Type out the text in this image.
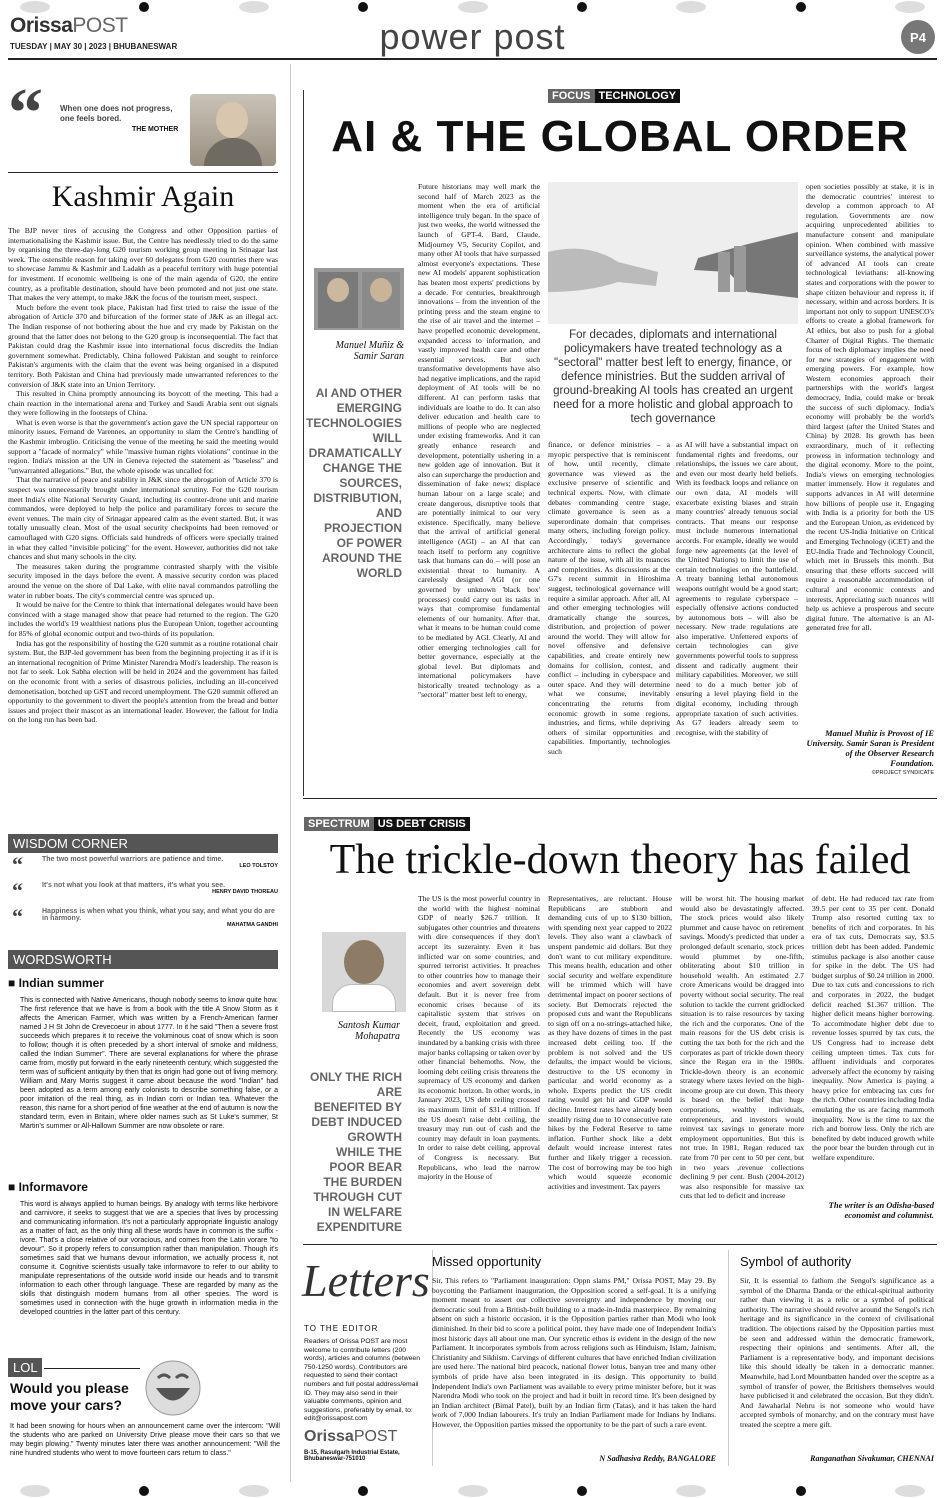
OrissaPOST
TUESDAY | MAY 30 | 2023 | BHUBANESWAR	power post	P4
“	When one does not progress, one feels bored.
THE MOTHER
Kashmir Again

The BJP never tires of accusing the Congress and other Opposition parties of internationalising the Kashmir issue. But, the Centre has needlessly tried to do the same by organising the three-day-long G20 tourism working group meeting in Srinagar last week. The ostensible reason for taking over 60 delegates from G20 countries there was to showcase Jammu & Kashmir and Ladakh as a peaceful territory with huge potential for investment. If economic wellbeing is one of the main agenda of G20, the entire country, as a profitable destination, should have been promoted and not just one state. That makes the very attempt, to make J&K the focus of the tourism meet, suspect.

Much before the event took place, Pakistan had first tried to raise the issue of the abrogation of Article 370 and bifurcation of the former state of J&K as an illegal act. The Indian response of not bothering about the hue and cry made by Pakistan on the ground that the latter does not belong to the G20 group is inconsequential. The fact that Pakistan could drag the Kashmir issue into international focus discredits the Indian government somewhat. Predictably, China followed Pakistan and sought to reinforce Pakistan's arguments with the claim that the event was being organised in a disputed territory. Both Pakistan and China had previously made unwarranted references to the conversion of J&K state into an Union Territory.

This resulted in China promptly announcing its boycott of the meeting. This had a chain reaction in the international arena and Turkey and Saudi Arabia sent out signals they were following in the footsteps of China.

What is even worse is that the government's action gave the UN special rapporteur on minority issues, Fernand de Varennes, an opportunity to slam the Centre's handling of the Kashmir imbroglio. Criticising the venue of the meeting he said the meeting would support a "facade of normalcy" while "massive human rights violations" continue in the region. India's mission at the UN in Geneva rejected the statement as "baseless" and "unwarranted allegations." But, the whole episode was uncalled for.

That the narrative of peace and stability in J&K since the abrogation of Article 370 is suspect was unnecessarily brought under international scrutiny. For the G20 tourism meet India's elite National Security Guard, including its counter-drone unit and marine commandos, were deployed to help the police and paramilitary forces to secure the event venues. The main city of Srinagar appeared calm as the event started. But, it was totally unusually clean. Most of the usual security checkpoints had been removed or camouflaged with G20 signs. Officials said hundreds of officers were specially trained in what they called "invisible policing" for the event. However, authorities did not take chances and shut many schools in the city.

The measures taken during the programme contrasted sharply with the visible security imposed in the days before the event. A massive security cordon was placed around the venue on the shore of Dal Lake, with elite naval commandos patrolling the water in rubber boats. The city's commercial centre was spruced up.

It would be naive for the Centre to think that international delegates would have been convinced with a stage managed show that peace had returned to the region. The G20 includes the world's 19 wealthiest nations plus the European Union, together accounting for 85% of global economic output and two-thirds of its population.

India has got the responsibility of hosting the G20 summit as a routine rotational chair system. But, the BJP-led government has been from the beginning projecting it as if it is an international recognition of Prime Minister Narendra Modi's leadership. The reason is not far to seek. Lok Sabha election will be held in 2024 and the government has failed on the economic front with a series of disastrous policies, including an ill-conceived demonetisation, botched up GST and record unemployment. The G20 summit offered an opportunity to the government to divert the people's attention from the bread and butter issues and project their mascot as an international leader. However, the fallout for India on the long run has been bad.

WISDOM CORNER
“	The two most powerful warriors are patience and time.
LEO TOLSTOY
“	It's not what you look at that matters, it's what you see.
HENRY DAVID THOREAU
“	Happiness is when what you think, what you say, and what you do are in harmony.
MAHATMA GANDHI
WORDSWORTH
■ Indian summer
This is connected with Native Americans, though nobody seems to know quite how. The first reference that we have is from a book with the title A Snow Storm as it affects the American Farmer, which was written by a French-American farmer named J H St John de Crevecoeur in about 1777. In it he said "Then a severe frost succeeds which prepares it to receive the voluminous coat of snow which is soon to follow; though it is often preceded by a short interval of smoke and mildness, called the Indian Summer". There are several explanations for where the phrase came from, mostly put forward in the early nineteenth century, which suggested the term was of sufficient antiquity by then that its origin had gone out of living memory. William and Mary Morris suggest it came about because the word "Indian" had been adopted as a term among early colonists to describe something false, or a poor imitation of the real thing, as in Indian corn or Indian tea. Whatever the reason, this name for a short period of fine weather at the end of autumn is now the standard term, even in Britain, where older names such as St Luke's summer, St Martin's summer or All-Hallown Summer are now obsolete or rare.
■ Informavore
This word is always applied to human beings. By analogy with terms like herbivore and carnivore, it seeks to suggest that we are a species that lives by processing and communicating information. It's not a particularly appropriate linguistic analogy as a matter of fact, as the only thing all these words have in common is the suffix -ivore. That's a close relative of our voracious, and comes from the Latin vorare "to devour". So it properly refers to consumption rather than manipulation. Though it's sometimes said that we humans devour information, we actually process it, not consume it. Cognitive scientists usually take informavore to refer to our ability to manipulate representations of the outside world inside our heads and to transmit information to each other through language. These are regarded by many as the skills that distinguish modern humans from all other species. The word is sometimes used in connection with the huge growth in information media in the developed countries in the latter part of this century.
LOL
Would you please move your cars?
It had been snowing for hours when an announcement came over the intercom: "Will the students who are parked on University Drive please move their cars so that we may begin plowing." Twenty minutes later there was another announcement: "Will the nine hundred students who went to move fourteen cars return to class."
FOCUS TECHNOLOGY
AI & THE GLOBAL ORDER
Manuel Muñiz & Samir Saran
AI AND OTHER EMERGING TECHNOLOGIES WILL DRAMATICALLY CHANGE THE SOURCES, DISTRIBUTION, AND PROJECTION OF POWER AROUND THE WORLD
Future historians may well mark the second half of March 2023 as the moment when the era of artificial intelligence truly began. In the space of just two weeks, the world witnessed the launch of GPT-4, Bard, Claude, Midjourney V5, Security Copilot, and many other AI tools that have surpassed almost everyone's expectations. These new AI models' apparent sophistication has beaten most experts' predictions by a decade. For centuries, breakthrough innovations – from the invention of the printing press and the steam engine to the rise of air travel and the internet – have propelled economic development, expanded access to information, and vastly improved health care and other essential services. But such transformative developments have also had negative implications, and the rapid deployment of AI tools will be no different. AI can perform tasks that individuals are loathe to do. It can also deliver education and health care to millions of people who are neglected under existing frameworks. And it can greatly enhance research and development, potentially ushering in a new golden age of innovation. But it also can supercharge the production and dissemination of fake news; displace human labour on a large scale; and create dangerous, disruptive tools that are potentially inimical to our very existence. Specifically, many believe that the arrival of artificial general intelligence (AGI) – an AI that can teach itself to perform any cognitive task that humans can do – will pose an existential threat to humanity. A carelessly designed AGI (or one governed by unknown 'black box' processes) could carry out its tasks in ways that compromise fundamental elements of our humanity. After that, what it means to be human could come to be mediated by AGI. Clearly, AI and other emerging technologies call for better governance, especially at the global level. But diplomats and international policymakers have historically treated technology as a "sectoral" matter best left to energy,
For decades, diplomats and international policymakers have treated technology as a "sectoral" matter best left to energy, finance, or defence ministries. But the sudden arrival of ground-breaking AI tools has created an urgent need for a more holistic and global approach to tech governance
finance, or defence ministries – a myopic perspective that is reminiscent of how, until recently, climate governance was viewed as the exclusive preserve of scientific and technical experts. Now, with climate debates commanding centre stage, climate governance is seen as a superordinate domain that comprises many others, including foreign policy. Accordingly, today's governance architecture aims to reflect the global nature of the issue, with all its nuances and complexities. As discussions at the G7's recent summit in Hiroshima suggest, technological governance will require a similar approach. After all, AI and other emerging technologies will dramatically change the sources, distribution, and projection of power around the world. They will allow for novel offensive and defensive capabilities, and create entirely new domains for collision, contest, and conflict – including in cyberspace and outer space. And they will determine what we consume, inevitably concentrating the returns from economic growth in some regions, industries, and firms, while depriving others of similar opportunities and capabilities. Importantly, technologies such
as AI will have a substantial impact on fundamental rights and freedoms, our relationships, the issues we care about, and even our most dearly held beliefs. With its feedback loops and reliance on our own data, AI models will exacerbate existing biases and strain many countries' already tenuous social contracts. That means our response must include numerous international accords. For example, ideally we would forge new agreements (at the level of the United Nations) to limit the use of certain technologies on the battlefield. A treaty banning lethal autonomous weapons outright would be a good start; agreements to regulate cyberspace – especially offensive actions conducted by autonomous bots – will also be necessary. New trade regulations are also imperative. Unfettered exports of certain technologies can give governments powerful tools to suppress dissent and radically augment their military capabilities. Moreover, we still need to do a much better job of ensuring a level playing field in the digital economy, including through appropriate taxation of such activities. As G7 leaders already seem to recognise, with the stability of
open societies possibly at stake, it is in the democratic countries' interest to develop a common approach to AI regulation. Governments are now acquiring unprecedented abilities to manufacture consent and manipulate opinion. When combined with massive surveillance systems, the analytical power of advanced AI tools can create technological leviathans: all-knowing states and corporations with the power to shape citizen behaviour and repress it, if necessary, within and across borders. It is important not only to support UNESCO's efforts to create a global framework for AI ethics, but also to push for a global Charter of Digital Rights. The thematic focus of tech diplomacy implies the need for new strategies of engagement with emerging powers. For example, how Western economies approach their partnerships with the world's largest democracy, India, could make or break the success of such diplomacy. India's economy will probably be the world's third largest (after the United States and China) by 2028. Its growth has been extraordinary, much of it reflecting prowess in information technology and the digital economy. More to the point, India's views on emerging technologies matter immensely. How it regulates and supports advances in AI will determine how billions of people use it. Engaging with India is a priority for both the US and the European Union, as evidenced by the recent US-India Initiative on Critical and Emerging Technology (iCET) and the EU-India Trade and Technology Council, which met in Brussels this month. But ensuring that these efforts succeed will require a reasonable accommodation of cultural and economic contexts and interests. Appreciating such nuances will help us achieve a prosperous and secure digital future. The alternative is an AI-generated free for all.
Manuel Muñiz is Provost of IE University. Samir Saran is President of the Observer Research Foundation.
©PROJECT SYNDICATE
SPECTRUM US DEBT CRISIS
The trickle-down theory has failed
Santosh Kumar Mohapatra
ONLY THE RICH ARE BENEFITED BY DEBT INDUCED GROWTH WHILE THE POOR BEAR THE BURDEN THROUGH CUT IN WELFARE EXPENDITURE
The US is the most powerful country in the world with the highest nominal GDP of nearly $26.7 trillion. It subjugates other countries and threatens with dire consequences if they don't accept its suzerainty. Even it has inflicted war on some countries, and spurred terrorist activities. It preaches to other countries how to manage their economies and avert sovereign debt default. But it is never free from economic crises because of its capitalistic system that strives on deceit, fraud, exploitation and greed. Recently the US economy was inundated by a banking crisis with three major banks collapsing or taken over by other financial behemoths. Now, the looming debt ceiling crisis threatens the supremacy of US economy and darken its economic horizon. In other words, in January 2023, US debt ceiling crossed its maximum limit of $31.4 trillion. If the US doesn't raise debt ceiling, the treasury may run out of cash and the country may default in loan payments. In order to raise debt ceiling, approval of Congress is necessary. But Republicans, who lead the narrow majority in the House of
Representatives, are reluctant. House Republicans are stubborn and demanding cuts of up to $130 billion, with spending next year capped to 2022 levels. They also want a clawback of unspent pandemic aid dollars. But they don't want to cut military expenditure. This means health, education and other social security and welfare expenditure will be trimmed which will have detrimental impact on poorer sections of society. But Democrats rejected the proposed cuts and want the Republicans to sign off on a no-strings-attached hike, as they have dozens of times in the past increased debt ceiling too. If the problem is not solved and the US defaults, the impact would be vicious, destructive to the US economy in particular and world economy as a whole. Experts predict the US credit rating would get hit and GDP would decline. Interest rates have already been steadily rising due to 10 consecutive rate hikes by the Federal Reserve to tame inflation. Further shock like a debt default would increase interest rates further and likely trigger a recession. The cost of borrowing may be too high which would squeeze economic activities and investment. Tax payers
will be worst hit. The housing market would also be devastatingly affected. The stock prices would also likely plummet and cause havoc on retirement savings. Moody's predicted that under a prolonged default scenario, stock prices would plummet by one-fifth, obliterating about $10 trillion in household wealth. An estimated 2.7 crore Americans would be dragged into poverty without social security. The real solution to tackle the current gridlocked situation is to raise resources by taxing the rich and the corporates. One of the main reasons for the US debt crisis is cutting the tax both for the rich and the corporates as part of trickle down theory since the Regan era in the 1980s. Trickle-down theory is an economic strategy where taxes levied on the high-income group are cut down. This theory is based on the belief that huge corporations, wealthy individuals, entrepreneurs, and investors would reinvest tax savings to generate more employment opportunities. But this is not true. In 1981, Regan reduced tax rate from 70 per cent to 50 per cent, but in two years ,revenue collections declining 9 per cent. Bush (2004-2012) was also responsible for massive tax cuts that led to deficit and increase
of debt. He had reduced tax rate from 39.5 per cent to 35 per cent. Donald Trump also resorted cutting tax to benefits of rich and corporates. In his era of tax cuts, Democrats say, $3.5 trillion debt has been added. Pandemic stimulus package is also another cause for spike in the debt. The US had budget surplus of $0.24 trillion in 2000. Due to tax cuts and concessions to rich and corporates in 2022, the budget deficit reached $1.367 trillion. The higher deficit means higher borrowing. To accommodate higher debt due to revenue losses spurred by tax cuts, the US Congress had to increase debt ceiling umpteen times. Tax cuts for affluent individuals and corporates adversely affect the economy by raising inequality. Now America is paying a heavy price for embracing tax cuts for the rich. Other countries including India emulating the us are facing mammoth inequality. Now is the time to tax the rich and borrow less. Only the rich are benefited by debt induced growth while the poor bear the burden through cut in welfare expenditure.
The writer is an Odisha-based economist and columnist.
Letters
TO THE EDITOR
Readers of Orissa POST are most welcome to contribute letters (200 words), articles and columns (between 750-1250 words). Contributors are requested to send their contact numbers and full postal address/email ID. They may also send in their valuable comments, opinion and suggestions, preferably by email, to: edit@orissapost.com
OrissaPOST
B-15, Rasulgarh Industrial Estate, Bhubaneswar-751010
Missed opportunity
Sir, This refers to "Parliament inauguration: Oppn slams PM," Orissa POST, May 29. By boycotting the Parliament inauguration, the Opposition scored a self-goal. It is a unifying moment meant to assert our collective sovereignty and independence by moving our democratic soul from a British-built building to a made-in-India masterpiece. By remaining absent on such a historic occasion, it is the Opposition parties rather than Modi who look diminished. In their bid to score a political point, they have made one of Independent India's most historic days all about one man. Our syncretic ethos is evident in the design of the new Parliament. It incorporates symbols from across religions such as Hinduism, Islam, Jainism, Christianity and Sikhism. Carvings of different cultures that have enriched Indian civilization are used here. The national bird peacock, national flower lotus, banyan tree and many other symbols of pride have also been integrated in its design. This opportunity to build Independent India's own Parliament was available to every prime minister before, but it was Narendra Modi who took on the project and had it built in record time. It's been designed by an Indian architect (Bimal Patel), built by an Indian firm (Tatas), and it has taken the hard work of 7,000 Indian labourers. It's truly an Indian Parliament made for Indians by Indians. However, the Opposition parties missed the opportunity to be the part of such a rare event.
N Sadhasiva Reddy, BANGALORE
Symbol of authority
Sir, It is essential to fathom the Sengol's significance as a symbol of the Dharma Danda or the ethical-spiritual authority rather than viewing it as a relic or a symbol of political authority. The narrative should revolve around the Sengol's rich heritage and its significance in the context of civilisational tradition. The objections raised by the Opposition parties must be seen and addressed within the democratic framework, respecting their opinions and sentiments. After all, the Parliament is a representative body, and important decisions like this should ideally be taken in a democratic manner. Meanwhile, had Lord Mountbatten handed over the sceptre as a symbol of transfer of power, the Britishers themselves would have publicised it and celebrated the occasion. But they didn't. And Jawaharlal Nehru is not someone who would have accepted symbols of monarchy, and on the contrary must have treated the sceptre a mere gift.
Ranganathan Sivakumar, CHENNAI
